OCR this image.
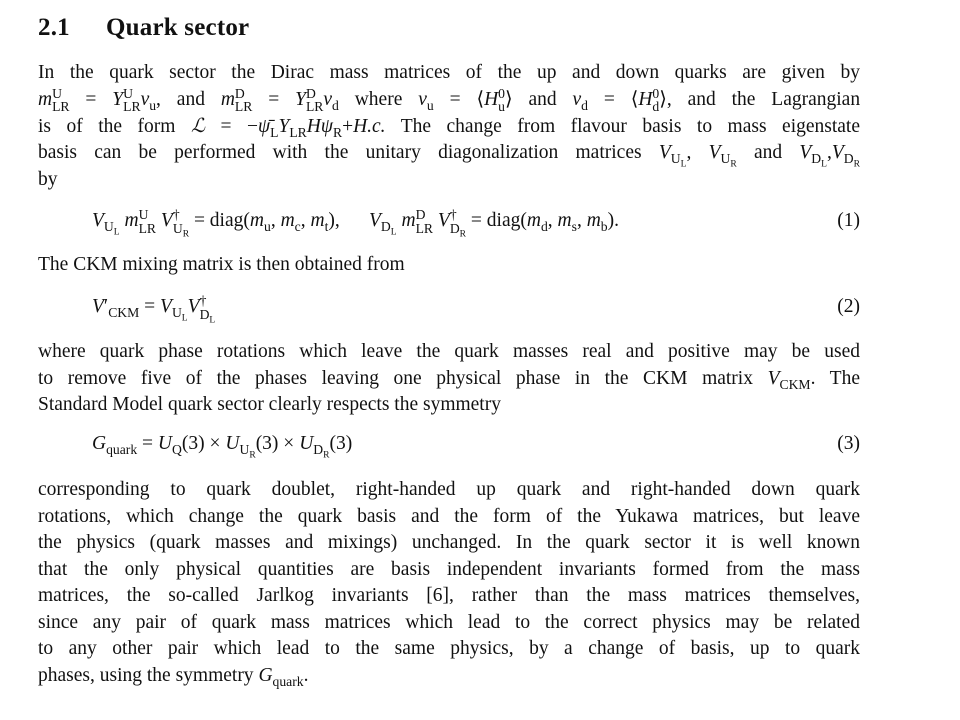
2.1 Quark sector
In the quark sector the Dirac mass matrices of the up and down quarks are given by
m U
LR = Y U
LR $v_u$, and m D
LR = Y D
LR $v_d$ where $v_u$ = ⟨H 0
u ⟩ and $v_d$ = ⟨H 0
d ⟩, and the Lagrangian
is of the form ℒ = $-\psī_LY_{LR}H\psi_R+H.c$. The change from flavour basis to mass eigenstate
basis can be performed with the unitary diagonalization matrices $V_{U_L}$, $V_{U_R}$ and $V_{D_L},V_{D_R}$
by
$V_{U_L}$ m U
LR V †
$U_R$
= $diag(m_u$, $m_c$, $m_t$),      $V_{D_L}$ m D
LR V †
$D_R$
= $diag(m_d$, $m_s$, $m_b$).	(1)
The CKM mixing matrix is then obtained from
$V'_{CKM} = V_{U_L}V$ †
$D_L$
(2)
where quark phase rotations which leave the quark masses real and positive may be used
to remove five of the phases leaving one physical phase in the CKM matrix $V_{CKM}$. The
Standard Model quark sector clearly respects the symmetry
$G_{quark} = U_Q(3) \times U_{U_R}(3) \times U_{D_R}(3)$	(3)
corresponding to quark doublet, right-handed up quark and right-handed down quark
rotations, which change the quark basis and the form of the Yukawa matrices, but leave
the physics (quark masses and mixings) unchanged. In the quark sector it is well known
that the only physical quantities are basis independent invariants formed from the mass
matrices, the so-called Jarlkog invariants [6], rather than the mass matrices themselves,
since any pair of quark mass matrices which lead to the correct physics may be related
to any other pair which lead to the same physics, by a change of basis, up to quark
phases, using the symmetry $G_{quark}$.
